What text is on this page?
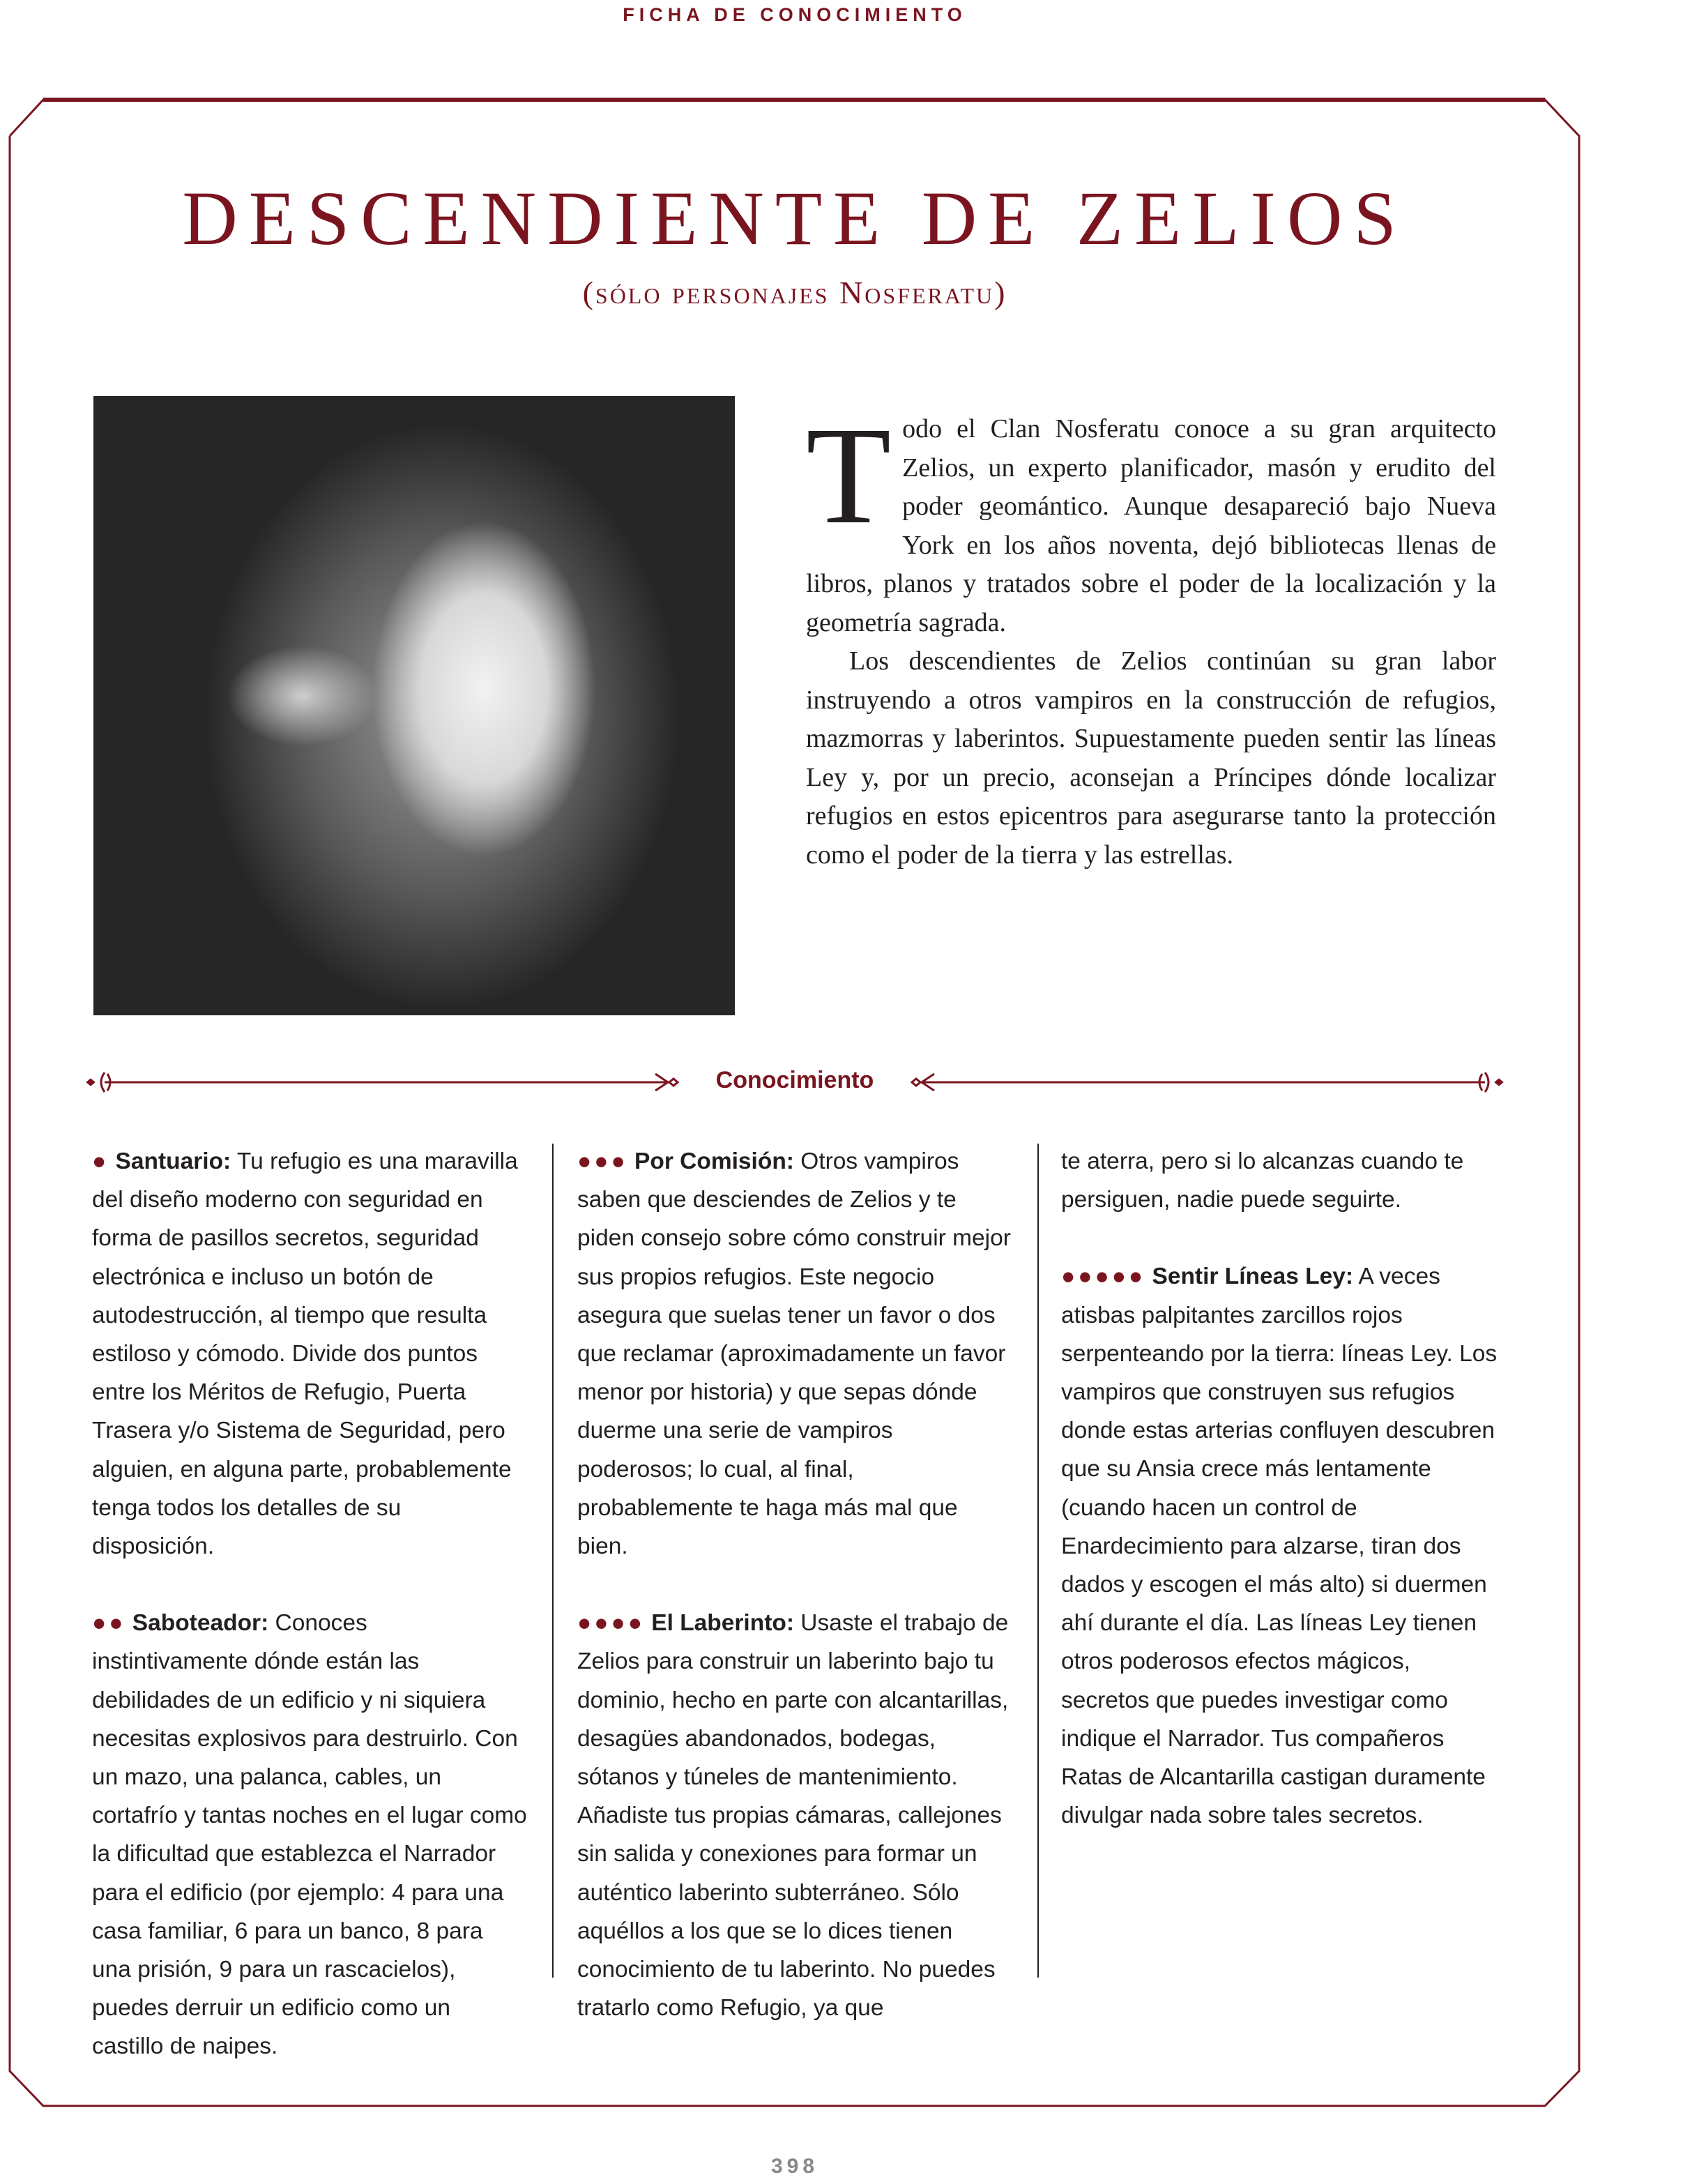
FICHA DE CONOCIMIENTO
DESCENDIENTE DE ZELIOS
(sólo personajes Nosferatu)

Todo el Clan Nosferatu conoce a su gran arquitecto Zelios, un experto planificador, masón y erudito del poder geomántico. Aunque desapareció bajo Nueva York en los años noventa, dejó bibliotecas llenas de libros, planos y tratados sobre el poder de la localización y la geometría sagrada.

Los descendientes de Zelios continúan su gran labor instruyendo a otros vampiros en la construcción de refugios, mazmorras y laberintos. Supuestamente pueden sentir las líneas Ley y, por un precio, aconsejan a Príncipes dónde localizar refugios en estos epicentros para asegurarse tanto la protección como el poder de la tierra y las estrellas.

Conocimiento

● Santuario: Tu refugio es una maravilla del diseño moderno con seguridad en forma de pasillos secretos, seguridad electrónica e incluso un botón de autodestrucción, al tiempo que resulta estiloso y cómodo. Divide dos puntos entre los Méritos de Refugio, Puerta Trasera y/o Sistema de Seguridad, pero alguien, en alguna parte, probablemente tenga todos los detalles de su disposición.

●● Saboteador: Conoces instintivamente dónde están las debilidades de un edificio y ni siquiera necesitas explosivos para destruirlo. Con un mazo, una palanca, cables, un cortafrío y tantas noches en el lugar como la dificultad que establezca el Narrador para el edificio (por ejemplo: 4 para una casa familiar, 6 para un banco, 8 para una prisión, 9 para un rascacielos), puedes derruir un edificio como un castillo de naipes.

●●● Por Comisión: Otros vampiros saben que desciendes de Zelios y te piden consejo sobre cómo construir mejor sus propios refugios. Este negocio asegura que suelas tener un favor o dos que reclamar (aproximadamente un favor menor por historia) y que sepas dónde duerme una serie de vampiros poderosos; lo cual, al final, probablemente te haga más mal que bien.

●●●● El Laberinto: Usaste el trabajo de Zelios para construir un laberinto bajo tu dominio, hecho en parte con alcantarillas, desagües abandonados, bodegas, sótanos y túneles de mantenimiento. Añadiste tus propias cámaras, callejones sin salida y conexiones para formar un auténtico laberinto subterráneo. Sólo aquéllos a los que se lo dices tienen conocimiento de tu laberinto. No puedes tratarlo como Refugio, ya que

te aterra, pero si lo alcanzas cuando te persiguen, nadie puede seguirte.

●●●●● Sentir Líneas Ley: A veces atisbas palpitantes zarcillos rojos serpenteando por la tierra: líneas Ley. Los vampiros que construyen sus refugios donde estas arterias confluyen descubren que su Ansia crece más lentamente (cuando hacen un control de Enardecimiento para alzarse, tiran dos dados y escogen el más alto) si duermen ahí durante el día. Las líneas Ley tienen otros poderosos efectos mágicos, secretos que puedes investigar como indique el Narrador. Tus compañeros Ratas de Alcantarilla castigan duramente divulgar nada sobre tales secretos.

398
